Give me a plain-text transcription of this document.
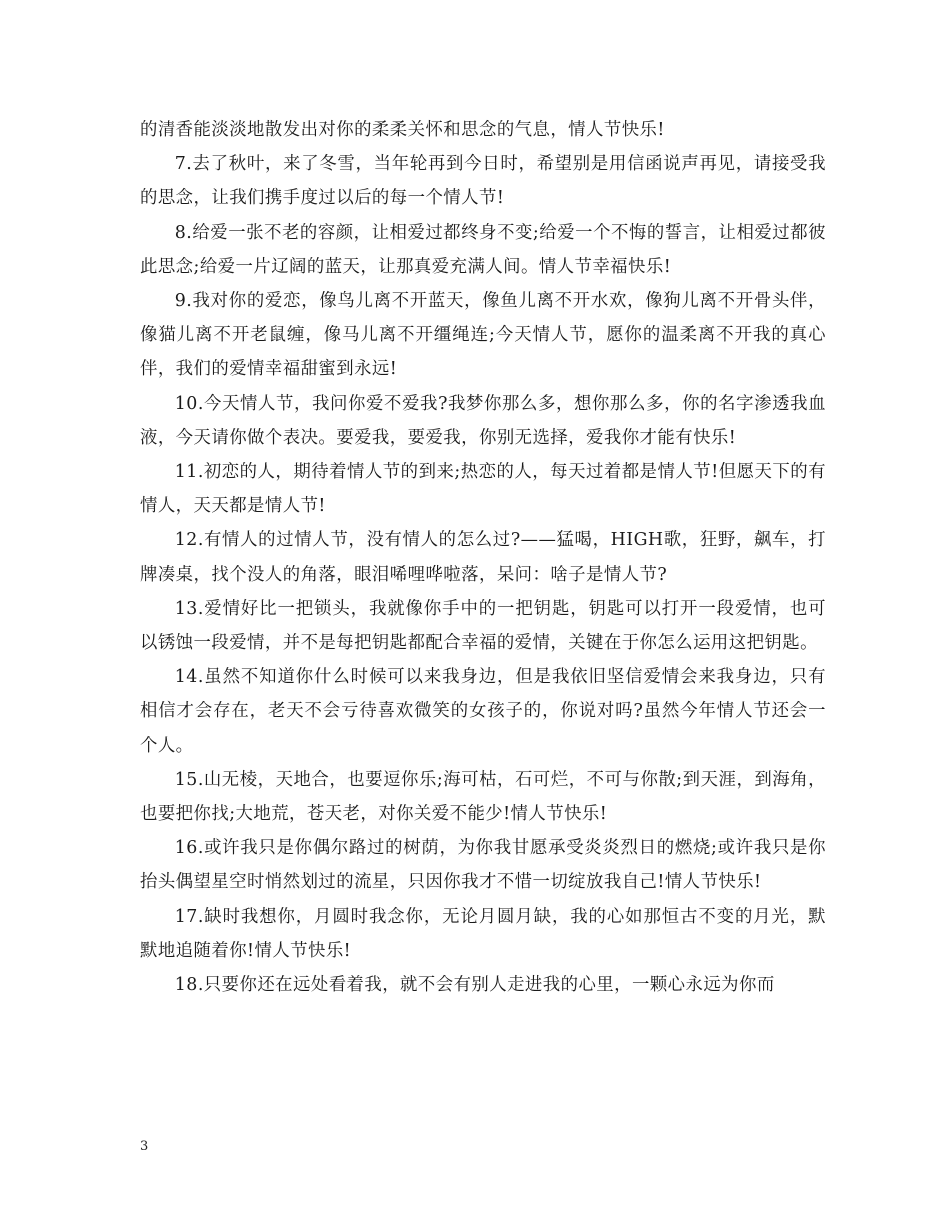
的清香能淡淡地散发出对你的柔柔关怀和思念的气息，情人节快乐!

7.去了秋叶，来了冬雪，当年轮再到今日时，希望别是用信函说声再见，请接受我的思念，让我们携手度过以后的每一个情人节!

8.给爱一张不老的容颜，让相爱过都终身不变;给爱一个不悔的誓言，让相爱过都彼此思念;给爱一片辽阔的蓝天，让那真爱充满人间。情人节幸福快乐!

9.我对你的爱恋，像鸟儿离不开蓝天，像鱼儿离不开水欢，像狗儿离不开骨头伴，像猫儿离不开老鼠缠，像马儿离不开缰绳连;今天情人节，愿你的温柔离不开我的真心伴，我们的爱情幸福甜蜜到永远!

10.今天情人节，我问你爱不爱我?我梦你那么多，想你那么多，你的名字渗透我血液，今天请你做个表决。要爱我，要爱我，你别无选择，爱我你才能有快乐!

11.初恋的人，期待着情人节的到来;热恋的人，每天过着都是情人节!但愿天下的有情人，天天都是情人节!

12.有情人的过情人节，没有情人的怎么过?——猛喝，HIGH歌，狂野，飙车，打牌凑桌，找个没人的角落，眼泪唏哩哗啦落，呆问：啥子是情人节?

13.爱情好比一把锁头，我就像你手中的一把钥匙，钥匙可以打开一段爱情，也可以锈蚀一段爱情，并不是每把钥匙都配合幸福的爱情，关键在于你怎么运用这把钥匙。

14.虽然不知道你什么时候可以来我身边，但是我依旧坚信爱情会来我身边，只有相信才会存在，老天不会亏待喜欢微笑的女孩子的，你说对吗?虽然今年情人节还会一个人。

15.山无棱，天地合，也要逗你乐;海可枯，石可烂，不可与你散;到天涯，到海角，也要把你找;大地荒，苍天老，对你关爱不能少!情人节快乐!

16.或许我只是你偶尔路过的树荫，为你我甘愿承受炎炎烈日的燃烧;或许我只是你抬头偶望星空时悄然划过的流星，只因你我才不惜一切绽放我自己!情人节快乐!

17.缺时我想你，月圆时我念你，无论月圆月缺，我的心如那恒古不变的月光，默默地追随着你!情人节快乐!

18.只要你还在远处看着我，就不会有别人走进我的心里，一颗心永远为你而

3
